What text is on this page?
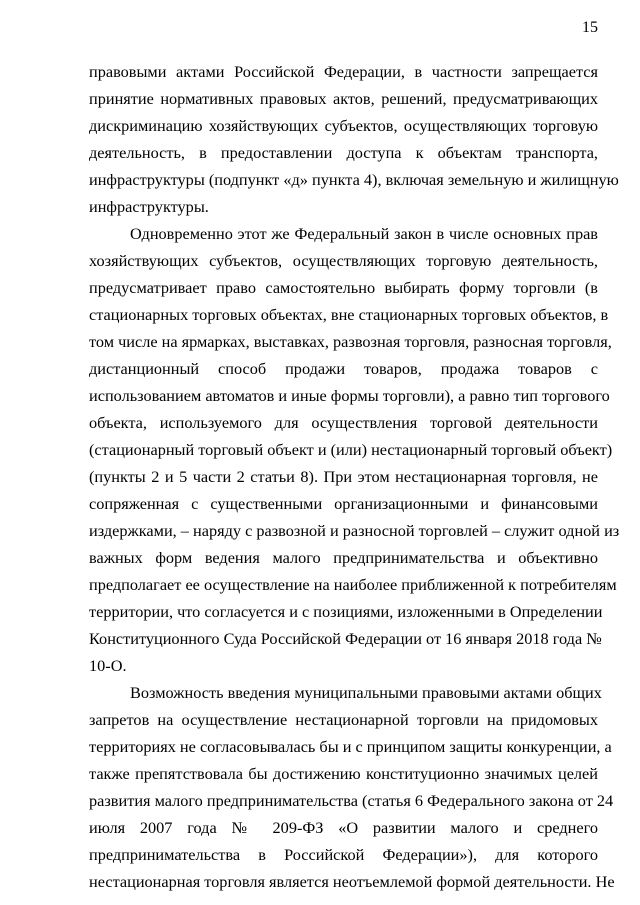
15
правовыми актами Российской Федерации, в частности запрещается
принятие нормативных правовых актов, решений, предусматривающих
дискриминацию хозяйствующих субъектов, осуществляющих торговую
деятельность, в предоставлении доступа к объектам транспорта,
инфраструктуры (подпункт «д» пункта 4), включая земельную и жилищную
инфраструктуры.
Одновременно этот же Федеральный закон в числе основных прав
хозяйствующих субъектов, осуществляющих торговую деятельность,
предусматривает право самостоятельно выбирать форму торговли (в
стационарных торговых объектах, вне стационарных торговых объектов, в
том числе на ярмарках, выставках, развозная торговля, разносная торговля,
дистанционный способ продажи товаров, продажа товаров с
использованием автоматов и иные формы торговли), а равно тип торгового
объекта, используемого для осуществления торговой деятельности
(стационарный торговый объект и (или) нестационарный торговый объект)
(пункты 2 и 5 части 2 статьи 8). При этом нестационарная торговля, не
сопряженная с существенными организационными и финансовыми
издержками, – наряду с развозной и разносной торговлей – служит одной из
важных форм ведения малого предпринимательства и объективно
предполагает ее осуществление на наиболее приближенной к потребителям
территории, что согласуется и с позициями, изложенными в Определении
Конституционного Суда Российской Федерации от 16 января 2018 года №
10-О.
Возможность введения муниципальными правовыми актами общих
запретов на осуществление нестационарной торговли на придомовых
территориях не согласовывалась бы и с принципом защиты конкуренции, а
также препятствовала бы достижению конституционно значимых целей
развития малого предпринимательства (статья 6 Федерального закона от 24
июля 2007 года № 209-ФЗ «О развитии малого и среднего
предпринимательства в Российской Федерации»), для которого
нестационарная торговля является неотъемлемой формой деятельности. Не
